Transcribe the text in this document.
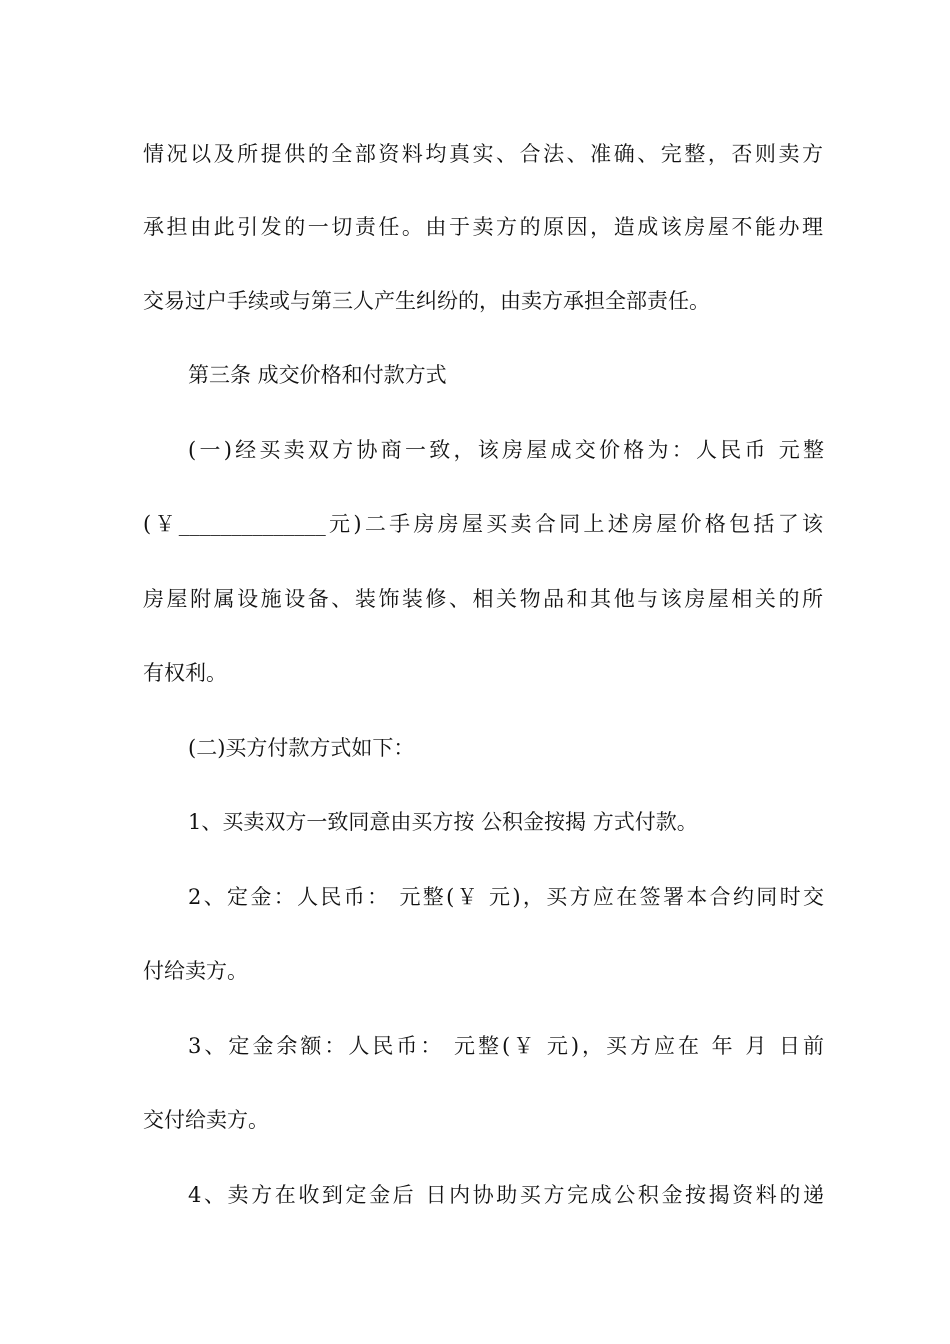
情况以及所提供的全部资料均真实、合法、准确、完整，否则卖方
承担由此引发的一切责任。由于卖方的原因，造成该房屋不能办理
交易过户手续或与第三人产生纠纷的，由卖方承担全部责任。
第三条 成交价格和付款方式
(一)经买卖双方协商一致，该房屋成交价格为：人民币 元整
(￥______________元)二手房房屋买卖合同上述房屋价格包括了该
房屋附属设施设备、装饰装修、相关物品和其他与该房屋相关的所
有权利。
(二)买方付款方式如下：
1、买卖双方一致同意由买方按 公积金按揭 方式付款。
2、定金：人民币： 元整(￥ 元)，买方应在签署本合约同时交
付给卖方。
3、定金余额：人民币： 元整(￥ 元)，买方应在 年 月 日前
交付给卖方。
4、卖方在收到定金后 日内协助买方完成公积金按揭资料的递
